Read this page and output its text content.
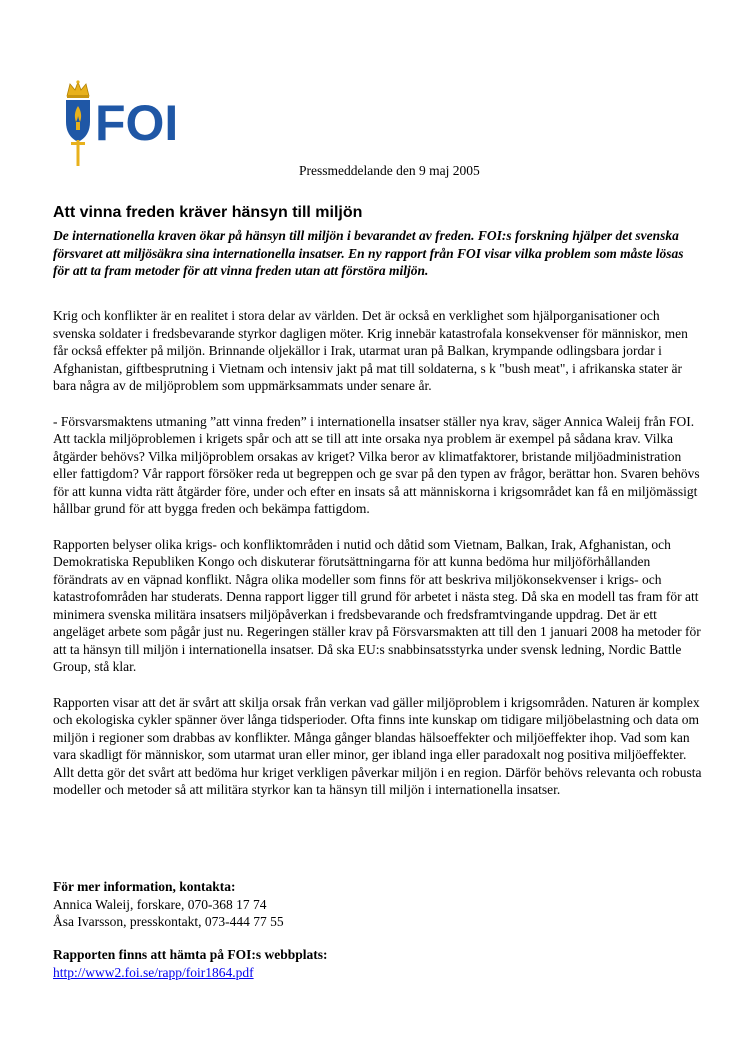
FOI
Pressmeddelande den 9 maj 2005
Att vinna freden kräver hänsyn till miljön

De internationella kraven ökar på hänsyn till miljön i bevarandet av freden. FOI:s forskning hjälper det svenska försvaret att miljösäkra sina internationella insatser. En ny rapport från FOI visar vilka problem som måste lösas för att ta fram metoder för att vinna freden utan att förstöra miljön.

Krig och konflikter är en realitet i stora delar av världen. Det är också en verklighet som hjälporganisationer och svenska soldater i fredsbevarande styrkor dagligen möter. Krig innebär katastrofala konsekvenser för människor, men får också effekter på miljön. Brinnande oljekällor i Irak, utarmat uran på Balkan, krympande odlingsbara jordar i Afghanistan, giftbesprutning i Vietnam och intensiv jakt på mat till soldaterna, s k "bush meat", i afrikanska stater är bara några av de miljöproblem som uppmärksammats under senare år.

- Försvarsmaktens utmaning ”att vinna freden” i internationella insatser ställer nya krav, säger Annica Waleij från FOI. Att tackla miljöproblemen i krigets spår och att se till att inte orsaka nya problem är exempel på sådana krav. Vilka åtgärder behövs? Vilka miljöproblem orsakas av kriget? Vilka beror av klimatfaktorer, bristande miljöadministration eller fattigdom? Vår rapport försöker reda ut begreppen och ge svar på den typen av frågor, berättar hon. Svaren behövs för att kunna vidta rätt åtgärder före, under och efter en insats så att människorna i krigsområdet kan få en miljömässigt hållbar grund för att bygga freden och bekämpa fattigdom.

Rapporten belyser olika krigs- och konfliktområden i nutid och dåtid som Vietnam, Balkan, Irak, Afghanistan, och Demokratiska Republiken Kongo och diskuterar förutsättningarna för att kunna bedöma hur miljöförhållanden förändrats av en väpnad konflikt. Några olika modeller som finns för att beskriva miljökonsekvenser i krigs- och katastrofområden har studerats. Denna rapport ligger till grund för arbetet i nästa steg. Då ska en modell tas fram för att minimera svenska militära insatsers miljöpåverkan i fredsbevarande och fredsframtvingande uppdrag. Det är ett angeläget arbete som pågår just nu. Regeringen ställer krav på Försvarsmakten att till den 1 januari 2008 ha metoder för att ta hänsyn till miljön i internationella insatser. Då ska EU:s snabbinsatsstyrka under svensk ledning, Nordic Battle Group, stå klar.

Rapporten visar att det är svårt att skilja orsak från verkan vad gäller miljöproblem i krigsområden. Naturen är komplex och ekologiska cykler spänner över långa tidsperioder. Ofta finns inte kunskap om tidigare miljöbelastning och data om miljön i regioner som drabbas av konflikter. Många gånger blandas hälsoeffekter och miljöeffekter ihop. Vad som kan vara skadligt för människor, som utarmat uran eller minor, ger ibland inga eller paradoxalt nog positiva miljöeffekter. Allt detta gör det svårt att bedöma hur kriget verkligen påverkar miljön i en region. Därför behövs relevanta och robusta modeller och metoder så att militära styrkor kan ta hänsyn till miljön i internationella insatser.

För mer information, kontakta:
Annica Waleij, forskare, 070-368 17 74
Åsa Ivarsson, presskontakt, 073-444 77 55
Rapporten finns att hämta på FOI:s webbplats:
http://www2.foi.se/rapp/foir1864.pdf
